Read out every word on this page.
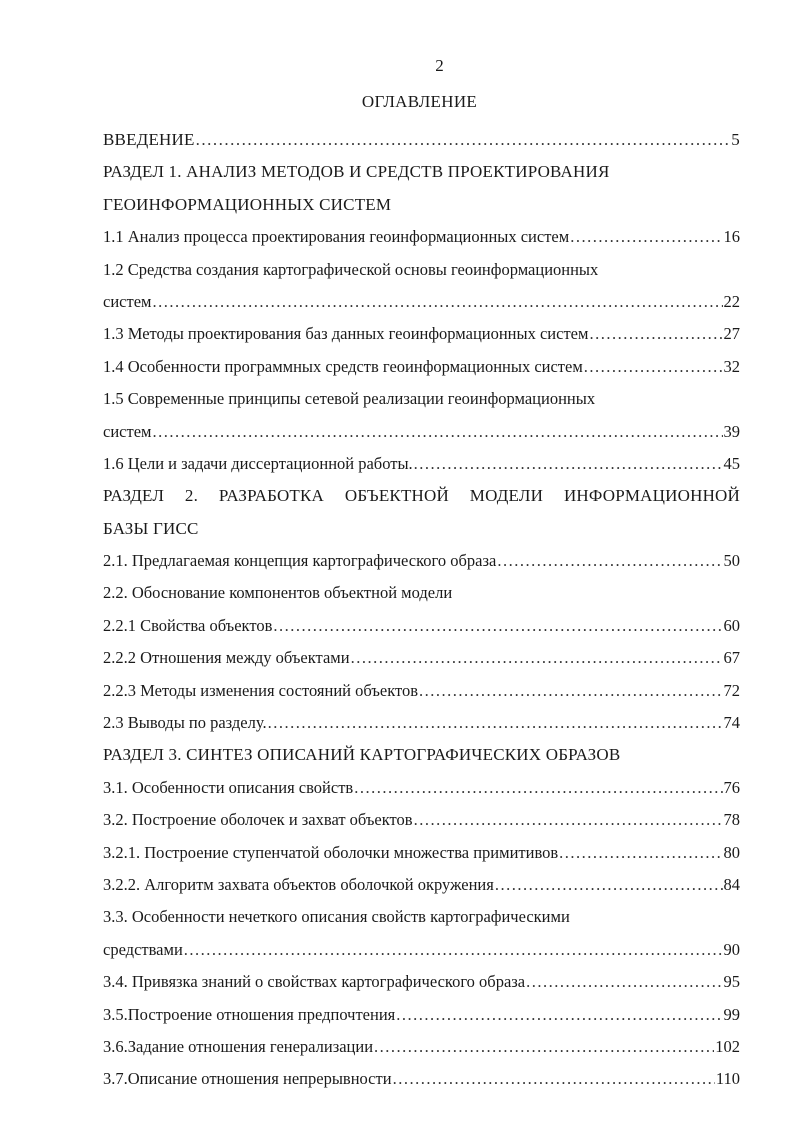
2
ОГЛАВЛЕНИЕ
ВВЕДЕНИЕ .....	5
РАЗДЕЛ 1. АНАЛИЗ МЕТОДОВ И СРЕДСТВ ПРОЕКТИРОВАНИЯ
ГЕОИНФОРМАЦИОННЫХ СИСТЕМ
1.1 Анализ процесса проектирования геоинформационных систем .....	16
1.2 Средства создания картографической основы геоинформационных
систем .....	22
1.3 Методы проектирования баз данных геоинформационных систем .....	27
1.4 Особенности программных средств геоинформационных систем .....	32
1.5 Современные принципы сетевой реализации геоинформационных
систем .....	39
1.6 Цели и задачи диссертационной работы. .....	45
РАЗДЕЛ 2. РАЗРАБОТКА ОБЪЕКТНОЙ МОДЕЛИ ИНФОРМАЦИОННОЙ
БАЗЫ ГИСС
2.1. Предлагаемая концепция картографического образа .....	50
2.2. Обоснование компонентов объектной модели
2.2.1 Свойства объектов .....	60
2.2.2 Отношения между объектами .....	67
2.2.3 Методы изменения состояний объектов .....	72
2.3 Выводы по разделу. .....	74
РАЗДЕЛ 3. СИНТЕЗ ОПИСАНИЙ КАРТОГРАФИЧЕСКИХ ОБРАЗОВ
3.1. Особенности описания свойств .....	76
3.2. Построение оболочек и захват объектов .....	78
3.2.1. Построение ступенчатой оболочки множества примитивов .....	80
3.2.2. Алгоритм захвата объектов оболочкой окружения .....	84
3.3. Особенности нечеткого описания свойств картографическими
средствами .....	90
3.4. Привязка знаний о свойствах картографического образа .....	95
3.5.Построение отношения предпочтения .....	99
3.6.Задание отношения генерализации .....	102
3.7.Описание отношения непрерывности .....	110
